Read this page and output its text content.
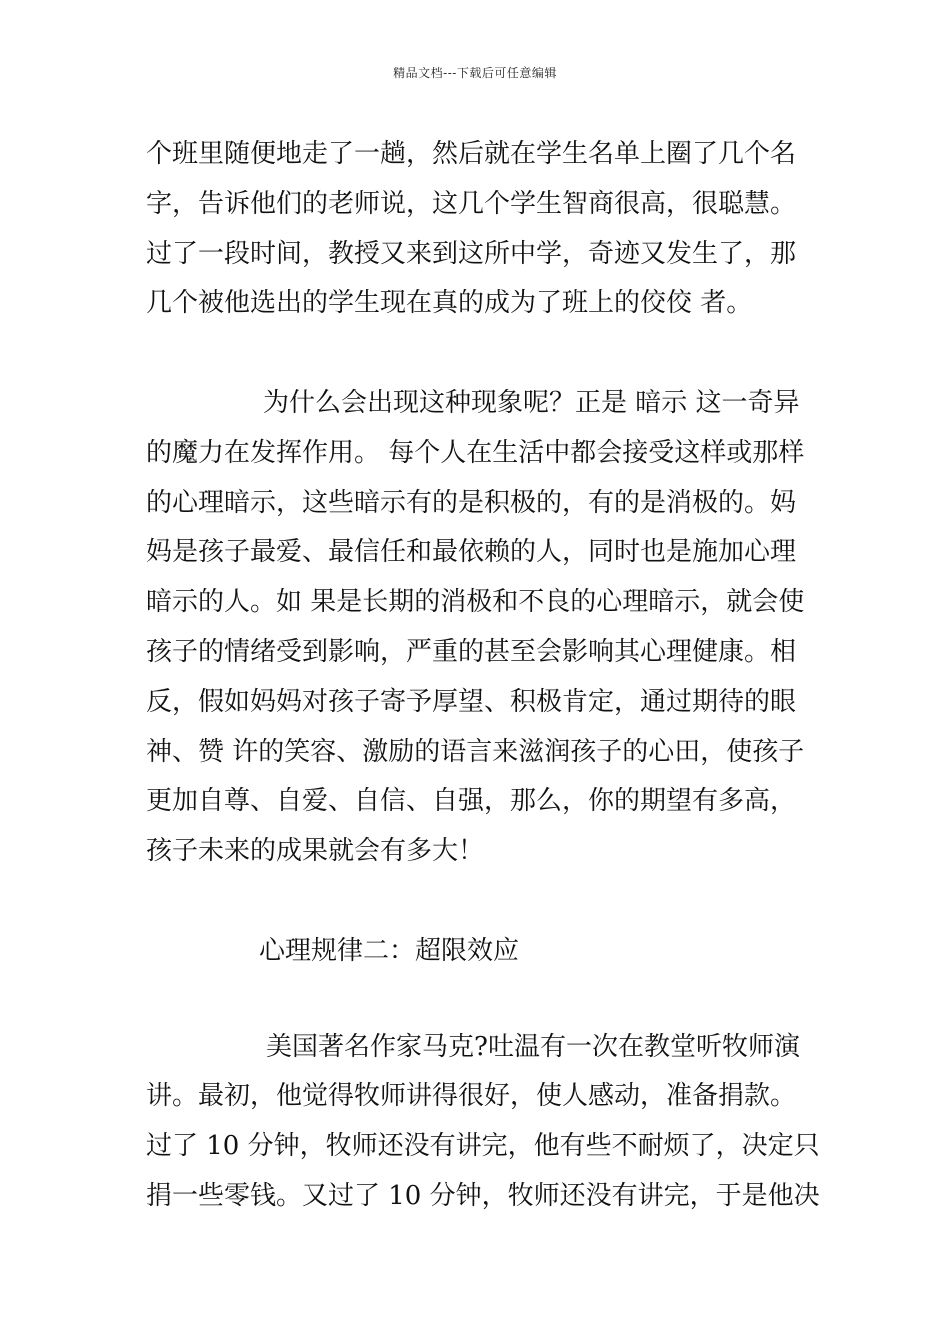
精品文档---下载后可任意编辑
个班里随便地走了一趟，然后就在学生名单上圈了几个名
字，告诉他们的老师说，这几个学生智商很高，很聪慧。
过了一段时间，教授又来到这所中学，奇迹又发生了，那
几个被他选出的学生现在真的成为了班上的佼佼 者。
为什么会出现这种现象呢？正是 暗示 这一奇异
的魔力在发挥作用。 每个人在生活中都会接受这样或那样
的心理暗示，这些暗示有的是积极的，有的是消极的。妈
妈是孩子最爱、最信任和最依赖的人，同时也是施加心理
暗示的人。如 果是长期的消极和不良的心理暗示，就会使
孩子的情绪受到影响，严重的甚至会影响其心理健康。相
反，假如妈妈对孩子寄予厚望、积极肯定，通过期待的眼
神、赞 许的笑容、激励的语言来滋润孩子的心田，使孩子
更加自尊、自爱、自信、自强，那么，你的期望有多高，
孩子未来的成果就会有多大！
心理规律二：超限效应
美国著名作家马克?吐温有一次在教堂听牧师演
讲。最初，他觉得牧师讲得很好，使人感动，准备捐款。
过了 10 分钟，牧师还没有讲完，他有些不耐烦了，决定只
捐一些零钱。又过了 10 分钟，牧师还没有讲完，于是他决
